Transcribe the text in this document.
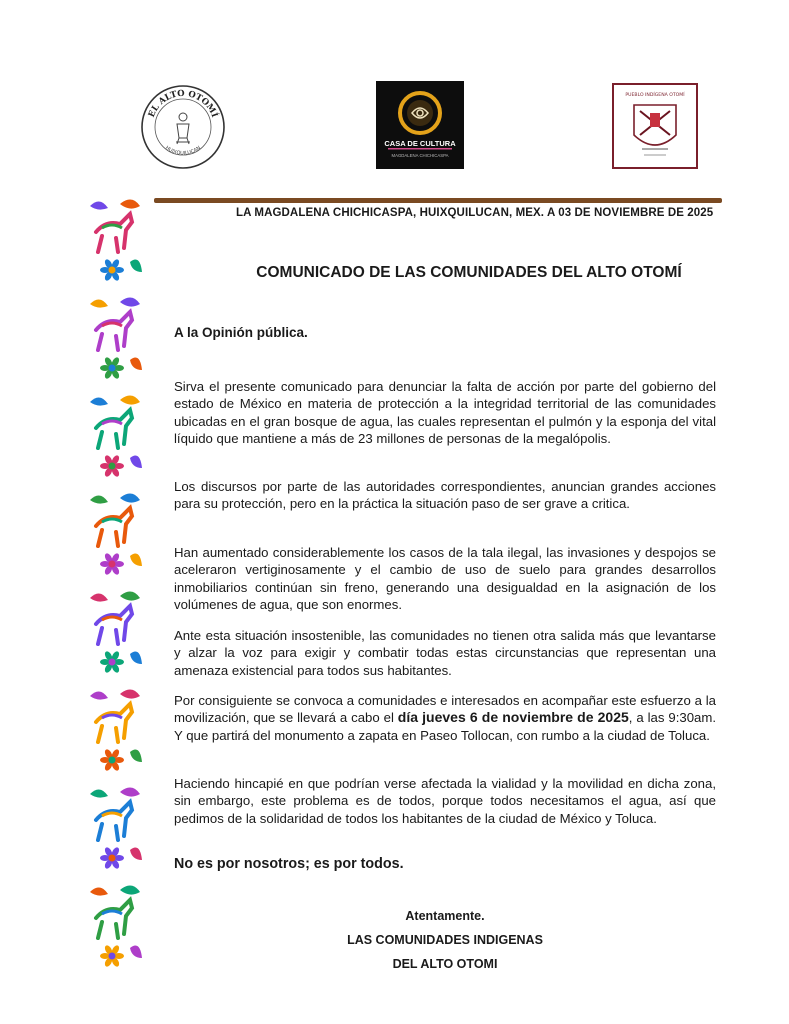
EL ALTO OTOMÍ
HUIXQUILUCAN
CASA DE CULTURA
MAGDALENA CHICHICASPA
PUEBLO INDÍGENA OTOMÍ
LA MAGDALENA CHICHICASPA, HUIXQUILUCAN, MEX. A 03 DE NOVIEMBRE DE 2025
COMUNICADO DE LAS COMUNIDADES DEL ALTO OTOMÍ
A la Opinión pública.
Sirva el presente comunicado para denunciar la falta de acción por parte del gobierno del estado de México en materia de protección a la integridad territorial de las comunidades ubicadas en el gran bosque de agua, las cuales representan el pulmón y la esponja del vital líquido que mantiene a más de 23 millones de personas de la megalópolis.
Los discursos por parte de las autoridades correspondientes, anuncian grandes acciones para su protección, pero en la práctica la situación paso de ser grave a critica.
Han aumentado considerablemente los casos de la tala ilegal, las invasiones y despojos se aceleraron vertiginosamente y el cambio de uso de suelo para grandes desarrollos inmobiliarios continúan sin freno, generando una desigualdad en la asignación de los volúmenes de agua, que son enormes.
Ante esta situación insostenible, las comunidades no tienen otra salida más que levantarse y alzar la voz para exigir y combatir todas estas circunstancias que representan una amenaza existencial para todos sus habitantes.
Por consiguiente se convoca a comunidades e interesados en acompañar este esfuerzo a la movilización, que se llevará a cabo el día jueves 6 de noviembre de 2025, a las 9:30am. Y que partirá del monumento a zapata en Paseo Tollocan, con rumbo a la ciudad de Toluca.
Haciendo hincapié en que podrían verse afectada la vialidad y la movilidad en dicha zona, sin embargo, este problema es de todos, porque todos necesitamos el agua, así que pedimos de la solidaridad de todos los habitantes de la ciudad de México y Toluca.
No es por nosotros; es por todos.
Atentamente.
LAS COMUNIDADES INDIGENAS
DEL ALTO OTOMI
